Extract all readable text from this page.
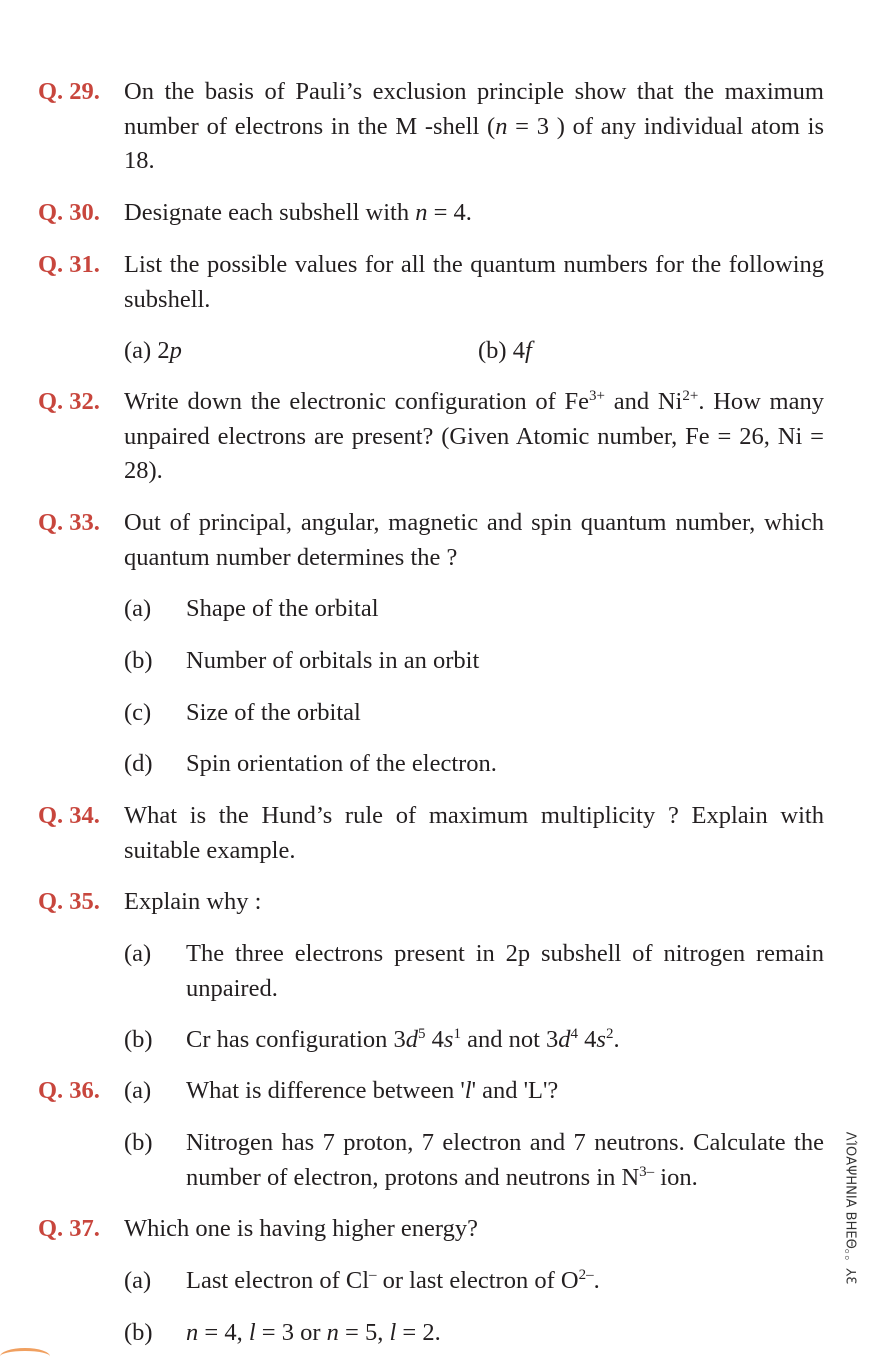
Q. 29. On the basis of Pauli’s exclusion principle show that the maximum number of electrons in the M -shell (n = 3 ) of any individual atom is 18.
Q. 30. Designate each subshell with n = 4.
Q. 31. List the possible values for all the quantum numbers for the following subshell.
(a) 2p	(b) 4f
Q. 32. Write down the electronic configuration of $Fe^{3+}$ and $Ni^{2+}$. How many unpaired electrons are present? (Given Atomic number, Fe = 26, Ni = 28).
Q. 33. Out of principal, angular, magnetic and spin quantum number, which quantum number determines the ?
(a) Shape of the orbital
(b) Number of orbitals in an orbit
(c) Size of the orbital
(d) Spin orientation of the electron.
Q. 34. What is the Hund’s rule of maximum multiplicity ? Explain with suitable example.
Q. 35. Explain why :
(a) The three electrons present in 2p subshell of nitrogen remain unpaired.
(b) Cr has configuration $3d^5$ $4s^1$ and not $3d^4$ $4s^2$.
Q. 36. (a) What is difference between 'l' and 'L'?
(b) Nitrogen has 7 proton, 7 electron and 7 neutrons. Calculate the number of electron, protons and neutrons in $N^{3-}$ ion.
Q. 37. Which one is having higher energy?
(a) Last electron of Cl– or last electron of $O^{2-}$.
(b) n = 4, l = 3 or n = 5, l = 2.
ΛΊΟΑΨΗΝΙΑ ΒΗΕΘ。。⅄Ɛ
